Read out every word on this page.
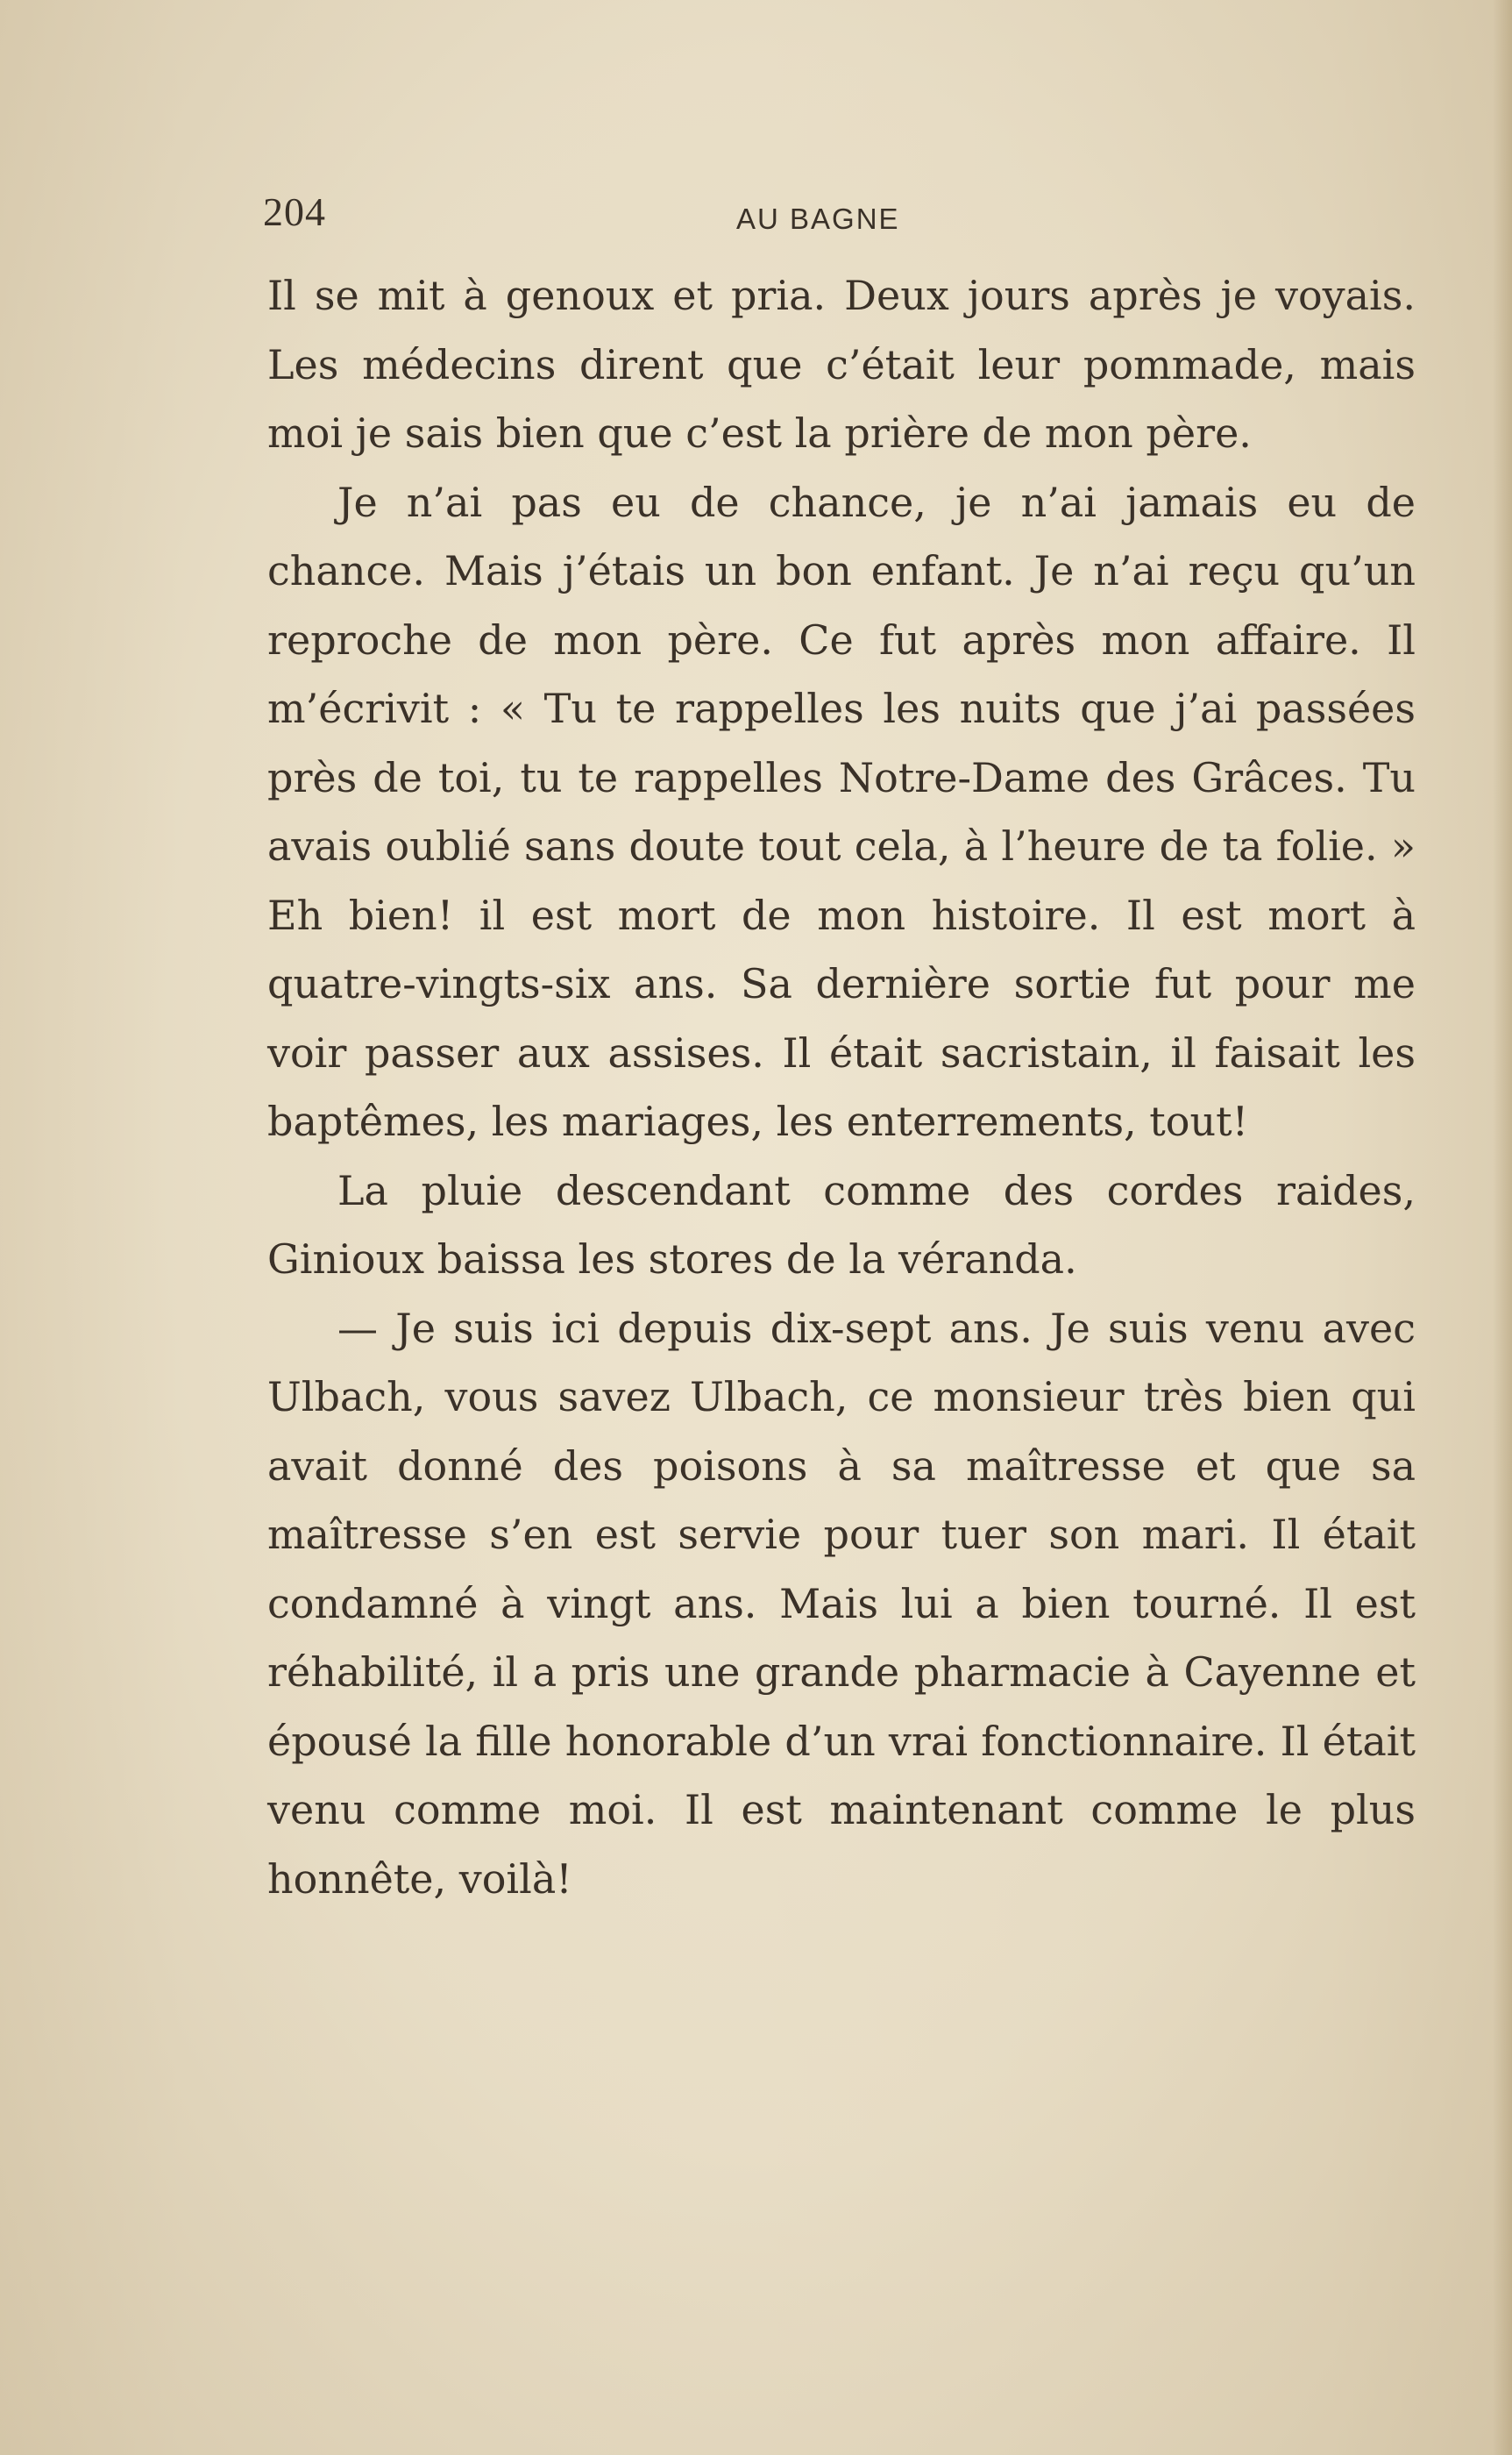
204	AU BAGNE

Il se mit à genoux et pria. Deux jours après je voyais. Les médecins dirent que c’était leur pommade, mais moi je sais bien que c’est la prière de mon père.

Je n’ai pas eu de chance, je n’ai jamais eu de chance. Mais j’étais un bon enfant. Je n’ai reçu qu’un reproche de mon père. Ce fut après mon affaire. Il m’écrivit : « Tu te rappelles les nuits que j’ai passées près de toi, tu te rappelles Notre-Dame des Grâces. Tu avais oublié sans doute tout cela, à l’heure de ta folie. » Eh bien! il est mort de mon histoire. Il est mort à quatre-vingts-six ans. Sa dernière sortie fut pour me voir passer aux assises. Il était sacristain, il faisait les baptêmes, les mariages, les enterrements, tout!

La pluie descendant comme des cordes raides, Ginioux baissa les stores de la véranda.

— Je suis ici depuis dix-sept ans. Je suis venu avec Ulbach, vous savez Ulbach, ce monsieur très bien qui avait donné des poisons à sa maîtresse et que sa maîtresse s’en est servie pour tuer son mari. Il était condamné à vingt ans. Mais lui a bien tourné. Il est réhabilité, il a pris une grande pharmacie à Cayenne et épousé la fille honorable d’un vrai fonctionnaire. Il était venu comme moi. Il est maintenant comme le plus honnête, voilà!
